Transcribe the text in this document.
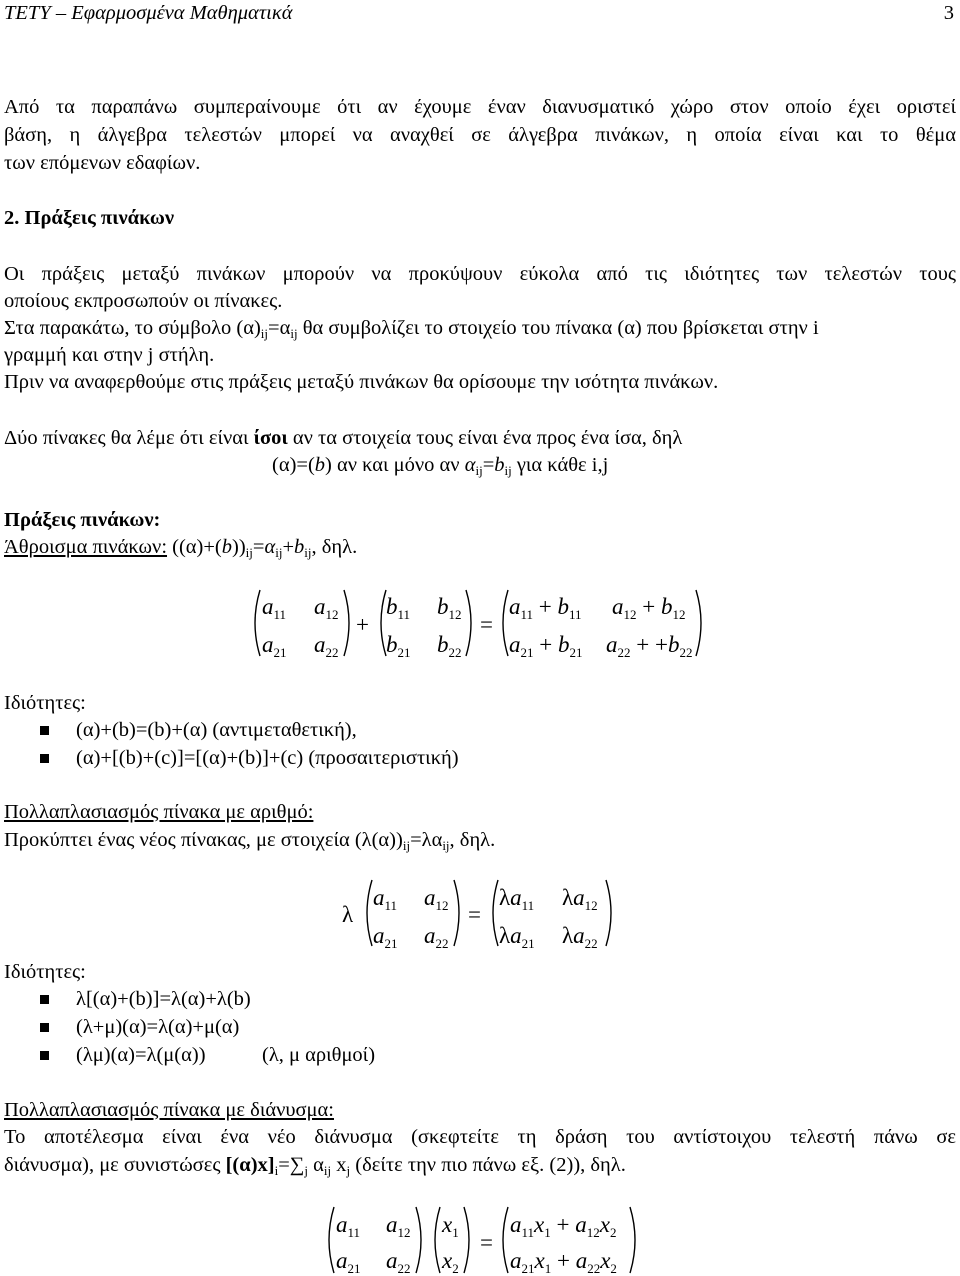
ΤΕΤΥ – Εφαρμοσμένα Μαθηματικά	3
Από τα παραπάνω συμπεραίνουμε ότι αν έχουμε έναν διανυσματικό χώρο στον οποίο έχει οριστεί
βάση, η άλγεβρα τελεστών μπορεί να αναχθεί σε άλγεβρα πινάκων, η οποία είναι και το θέμα
των επόμενων εδαφίων.
2. Πράξεις πινάκων
Οι πράξεις μεταξύ πινάκων μπορούν να προκύψουν εύκολα από τις ιδιότητες των τελεστών τους
οποίους εκπροσωπούν οι πίνακες.
Στα παρακάτω, το σύμβολο $(\alpha)_{ij}=\alpha_{ij}$ θα συμβολίζει το στοιχείο του πίνακα (α) που βρίσκεται στην i
γραμμή και στην j στήλη.
Πριν να αναφερθούμε στις πράξεις μεταξύ πινάκων θα ορίσουμε την ισότητα πινάκων.
Δύο πίνακες θα λέμε ότι είναι ίσοι αν τα στοιχεία τους είναι ένα προς ένα ίσα, δηλ
(α)=(b) αν και μόνο αν $\alpha_{ij}=b_{ij}$ για κάθε i,j
Πράξεις πινάκων:
Άθροισμα πινάκων: $((\alpha)+(b))_{ij}=\alpha_{ij}+b_{ij}$, δηλ.
$a_{11}$ $a_{12}$
$a_{21}$ $a_{22}$
+
$b_{11}$ $b_{12}$
$b_{21}$ $b_{22}$
=
$a_{11} + b_{11}$ $a_{12} + b_{12}$
$a_{21} + b_{21}$ $a_{22} + +b_{22}$
Ιδιότητες:
(α)+(b)=(b)+(α) (αντιμεταθετική),
(α)+[(b)+(c)]=[(α)+(b)]+(c) (προσαιτεριστική)
Πολλαπλασιασμός πίνακα με αριθμό:
Προκύπτει ένας νέος πίνακας, με στοιχεία $(\lambda(\alpha))_{ij}=\lambda\alpha_{ij}$, δηλ.
λ
$a_{11}$ $a_{12}$
$a_{21}$ $a_{22}$
=
$\lambda a_{11}$ $\lambda a_{12}$
$\lambda a_{21}$ $\lambda a_{22}$
Ιδιότητες:
λ[(α)+(b)]=λ(α)+λ(b)
(λ+μ)(α)=λ(α)+μ(α)
(λμ)(α)=λ(μ(α))	(λ, μ αριθμοί)
Πολλαπλασιασμός πίνακα με διάνυσμα:
Το αποτέλεσμα είναι ένα νέο διάνυσμα (σκεφτείτε τη δράση του αντίστοιχου τελεστή πάνω σε
διάνυσμα), με συνιστώσες $[(\alpha)x]_i=\sum_j$ $\alpha_{ij}$ $x_j$ (δείτε την πιο πάνω εξ. (2)), δηλ.
$a_{11}$ $a_{12}$
$a_{21}$ $a_{22}$
$x_1$
$x_2$
=
$a_{11}x_1 + a_{12}x_2$
$a_{21}x_1 + a_{22}x_2$
